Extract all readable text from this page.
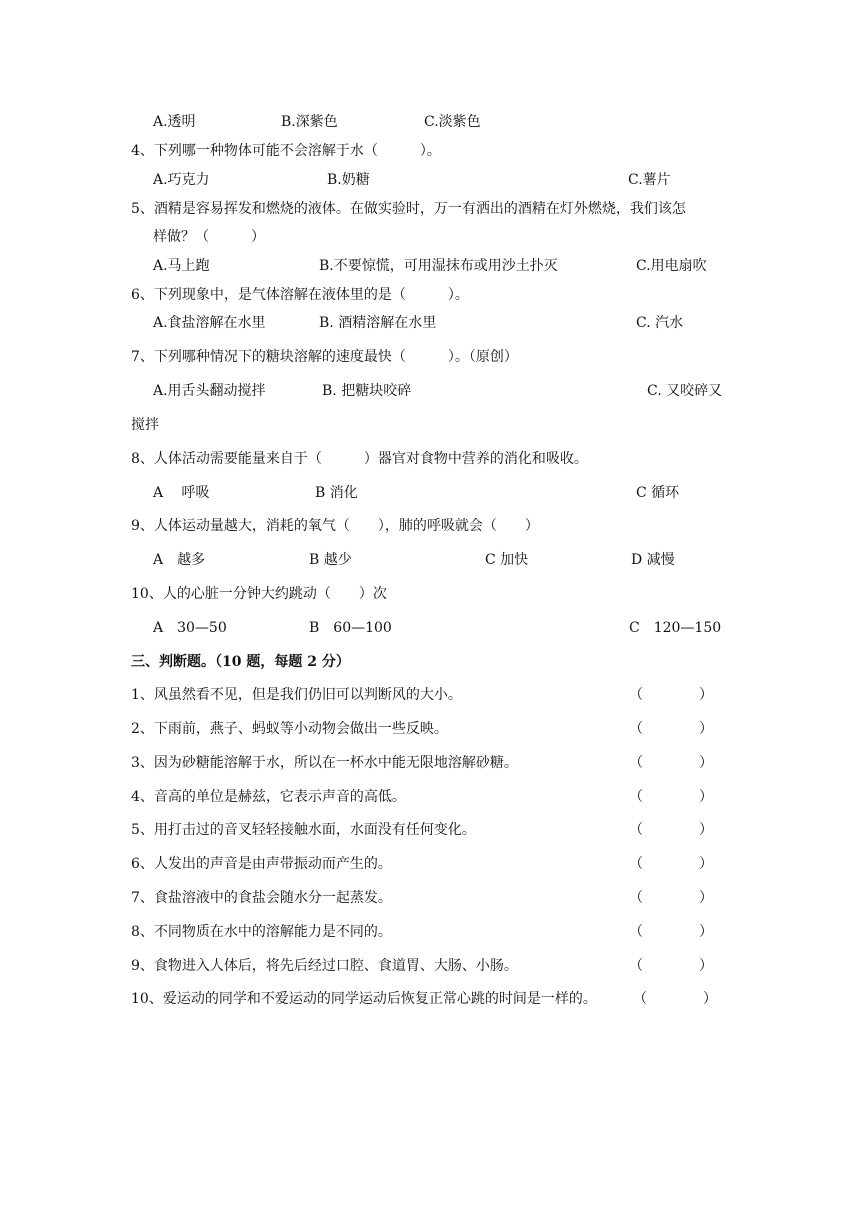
A.透明	B.深紫色	C.淡紫色
4、下列哪一种物体可能不会溶解于水（　　　）。
A.巧克力	B.奶糖	C.薯片
5、酒精是容易挥发和燃烧的液体。在做实验时，万一有洒出的酒精在灯外燃烧，我们该怎
样做？（　　　）
A.马上跑	B.不要惊慌，可用湿抹布或用沙土扑灭	C.用电扇吹
6、下列现象中，是气体溶解在液体里的是（　　　）。
A.食盐溶解在水里	B. 酒精溶解在水里	C. 汽水
7、下列哪种情况下的糖块溶解的速度最快（　　　）。（原创）
A.用舌头翻动搅拌	B. 把糖块咬碎	C. 又咬碎又
搅拌
8、人体活动需要能量来自于（　　　）器官对食物中营养的消化和吸收。
A　 呼吸	B 消化	C 循环
9、人体运动量越大，消耗的氧气（　　），肺的呼吸就会（　　）
A　越多	B 越少	C 加快	D 减慢
10、人的心脏一分钟大约跳动（　　）次
A　30—50	B　60—100	C　120—150
三、判断题。（10 题，每题 2 分）
1、风虽然看不见，但是我们仍旧可以判断风的大小。	（　　　　）
2、下雨前，燕子、蚂蚁等小动物会做出一些反映。	（　　　　）
3、因为砂糖能溶解于水，所以在一杯水中能无限地溶解砂糖。	（　　　　）
4、音高的单位是赫兹，它表示声音的高低。	（　　　　）
5、用打击过的音叉轻轻接触水面，水面没有任何变化。	（　　　　）
6、人发出的声音是由声带振动而产生的。	（　　　　）
7、食盐溶液中的食盐会随水分一起蒸发。	（　　　　）
8、不同物质在水中的溶解能力是不同的。	（　　　　）
9、食物进入人体后，将先后经过口腔、食道胃、大肠、小肠。	（　　　　）
10、爱运动的同学和不爱运动的同学运动后恢复正常心跳的时间是一样的。	（　　　　）
